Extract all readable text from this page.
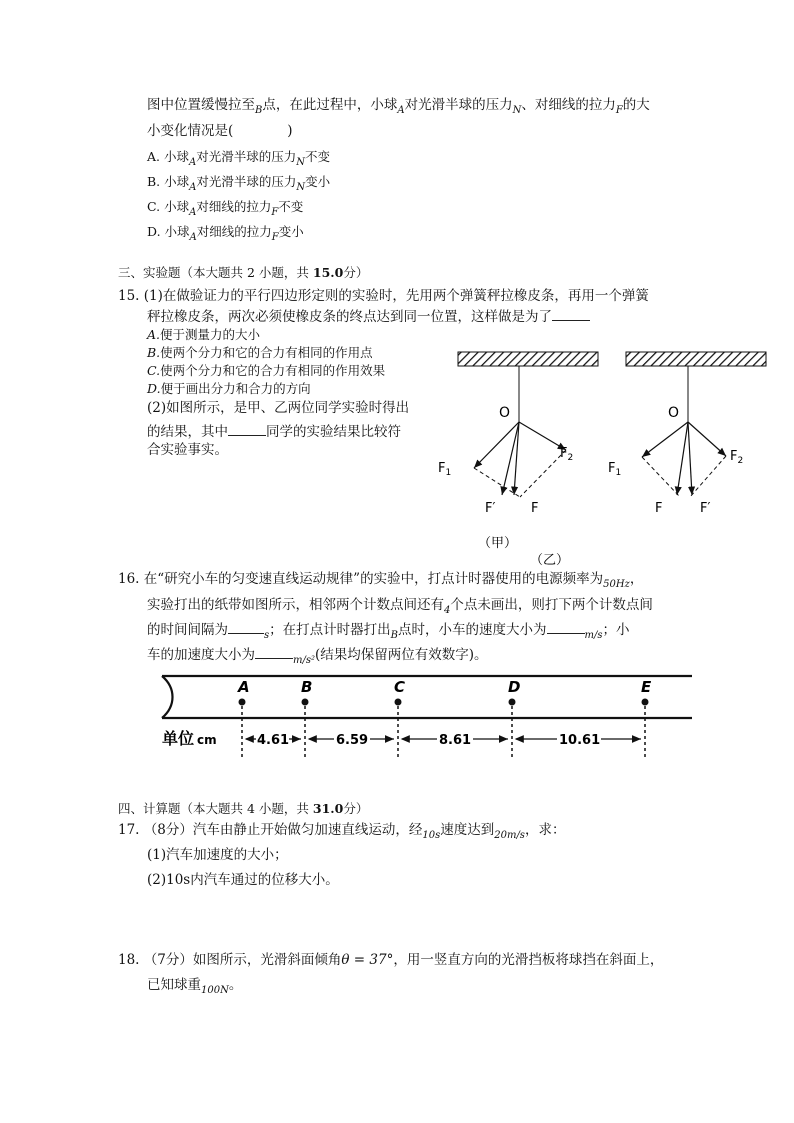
图中位置缓慢拉至$_B$点，在此过程中，小球$_A$对光滑半球的压力$_N$、对细线的拉力$_F$的大
小变化情况是(	)
A. 小球$_A$对光滑半球的压力$_N$不变
B. 小球$_A$对光滑半球的压力$_N$变小
C. 小球$_A$对细线的拉力$_F$不变
D. 小球$_A$对细线的拉力$_F$变小
三、实验题（本大题共 2 小题，共 15.0分）
15. (1)在做验证力的平行四边形定则的实验时，先用两个弹簧秤拉橡皮条，再用一个弹簧
秤拉橡皮条，两次必须使橡皮条的终点达到同一位置，这样做是为了
A.便于测量力的大小
B.使两个分力和它的合力有相同的作用点
C.使两个分力和它的合力有相同的作用效果
D.便于画出分力和合力的方向
(2)如图所示，是甲、乙两位同学实验时得出
的结果，其中	同学的实验结果比较符
合实验事实。
O
$F_1$
$F_2$
F′	F
（甲）
O
$F_1$
$F_2$
F	F′
（乙）
16. 在“研究小车的匀变速直线运动规律”的实验中，打点计时器使用的电源频率为$_{50Hz}$，
实验打出的纸带如图所示，相邻两个计数点间还有$_4$个点未画出，则打下两个计数点间
的时间间隔为	$_s$；在打点计时器打出$_B$点时，小车的速度大小为	$_{m/s}$；小
车的加速度大小为	$_{m/s^2}$(结果均保留两位有效数字)。
A	B	C	D	E
单位 cm	4.61	6.59	8.61	10.61
四、计算题（本大题共 4 小题，共 31.0分）
17. （8分）汽车由静止开始做匀加速直线运动，经$_{10s}$速度达到$_{20m/s}$，求：
(1)汽车加速度的大小；
(2)10s内汽车通过的位移大小。
18. （7分）如图所示，光滑斜面倾角θ = 37°，用一竖直方向的光滑挡板将球挡在斜面上，
已知球重$_{100N}$。
